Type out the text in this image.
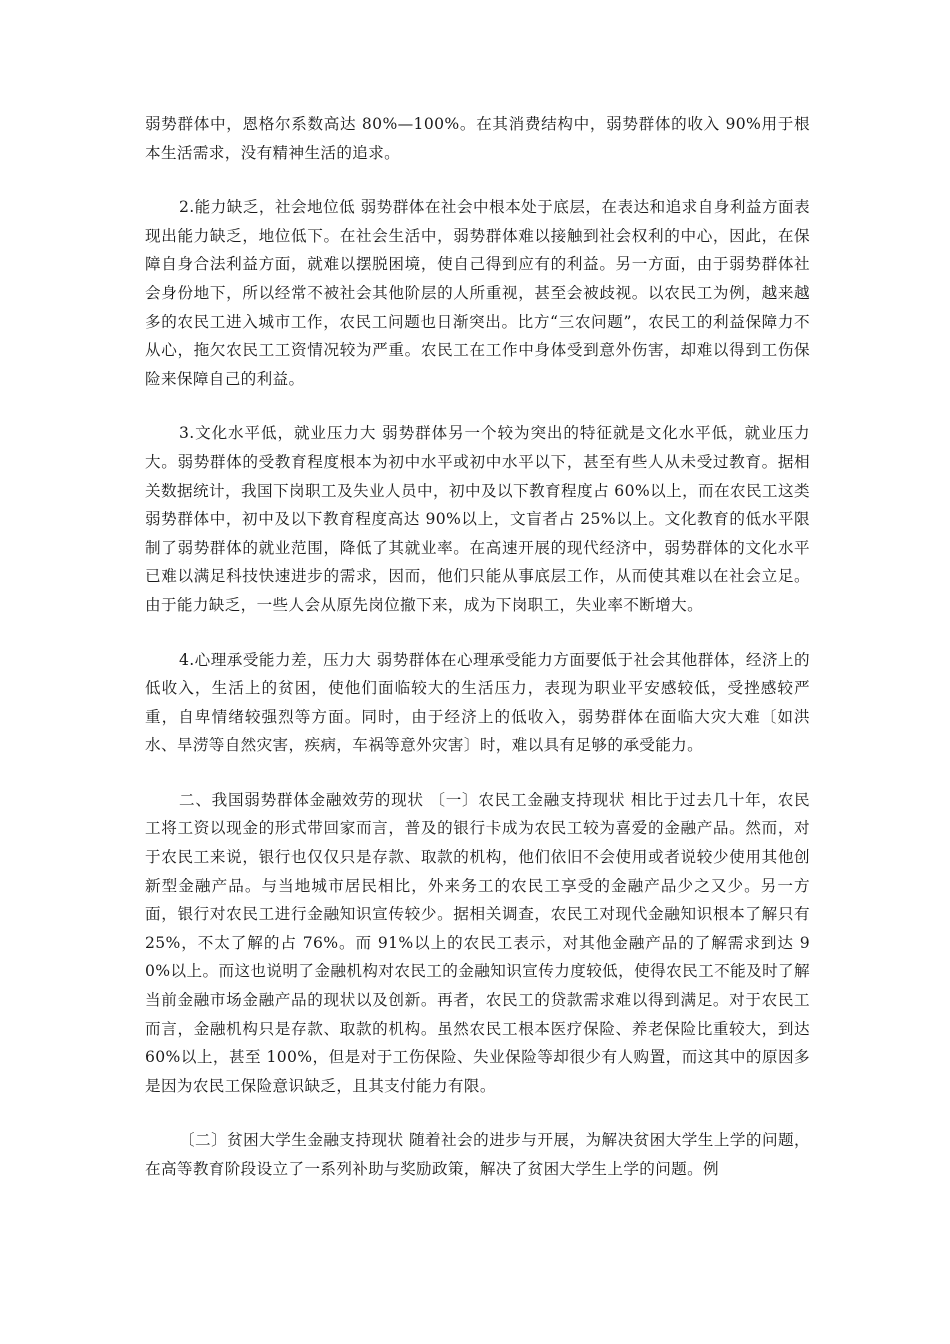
弱势群体中，恩格尔系数高达 80%—100%。在其消费结构中，弱势群体的收入 90%用于根本生活需求，没有精神生活的追求。

2.能力缺乏，社会地位低 弱势群体在社会中根本处于底层，在表达和追求自身利益方面表现出能力缺乏，地位低下。在社会生活中，弱势群体难以接触到社会权利的中心，因此，在保障自身合法利益方面，就难以摆脱困境，使自己得到应有的利益。另一方面，由于弱势群体社会身份地下，所以经常不被社会其他阶层的人所重视，甚至会被歧视。以农民工为例，越来越多的农民工进入城市工作，农民工问题也日渐突出。比方“三农问题”，农民工的利益保障力不从心，拖欠农民工工资情况较为严重。农民工在工作中身体受到意外伤害，却难以得到工伤保险来保障自己的利益。

3.文化水平低，就业压力大 弱势群体另一个较为突出的特征就是文化水平低，就业压力大。弱势群体的受教育程度根本为初中水平或初中水平以下，甚至有些人从未受过教育。据相关数据统计，我国下岗职工及失业人员中，初中及以下教育程度占 60%以上，而在农民工这类弱势群体中，初中及以下教育程度高达 90%以上，文盲者占 25%以上。文化教育的低水平限制了弱势群体的就业范围，降低了其就业率。在高速开展的现代经济中，弱势群体的文化水平已难以满足科技快速进步的需求，因而，他们只能从事底层工作，从而使其难以在社会立足。由于能力缺乏，一些人会从原先岗位撤下来，成为下岗职工，失业率不断增大。

4.心理承受能力差，压力大 弱势群体在心理承受能力方面要低于社会其他群体，经济上的低收入，生活上的贫困，使他们面临较大的生活压力，表现为职业平安感较低，受挫感较严重，自卑情绪较强烈等方面。同时，由于经济上的低收入，弱势群体在面临大灾大难〔如洪水、旱涝等自然灾害，疾病，车祸等意外灾害〕时，难以具有足够的承受能力。

二、我国弱势群体金融效劳的现状 〔一〕农民工金融支持现状 相比于过去几十年，农民工将工资以现金的形式带回家而言，普及的银行卡成为农民工较为喜爱的金融产品。然而，对于农民工来说，银行也仅仅只是存款、取款的机构，他们依旧不会使用或者说较少使用其他创新型金融产品。与当地城市居民相比，外来务工的农民工享受的金融产品少之又少。另一方面，银行对农民工进行金融知识宣传较少。据相关调查，农民工对现代金融知识根本了解只有 25%，不太了解的占 76%。而 91%以上的农民工表示，对其他金融产品的了解需求到达 90%以上。而这也说明了金融机构对农民工的金融知识宣传力度较低，使得农民工不能及时了解当前金融市场金融产品的现状以及创新。再者，农民工的贷款需求难以得到满足。对于农民工而言，金融机构只是存款、取款的机构。虽然农民工根本医疗保险、养老保险比重较大，到达 60%以上，甚至 100%，但是对于工伤保险、失业保险等却很少有人购置，而这其中的原因多是因为农民工保险意识缺乏，且其支付能力有限。

〔二〕贫困大学生金融支持现状 随着社会的进步与开展，为解决贫困大学生上学的问题，在高等教育阶段设立了一系列补助与奖励政策，解决了贫困大学生上学的问题。例
